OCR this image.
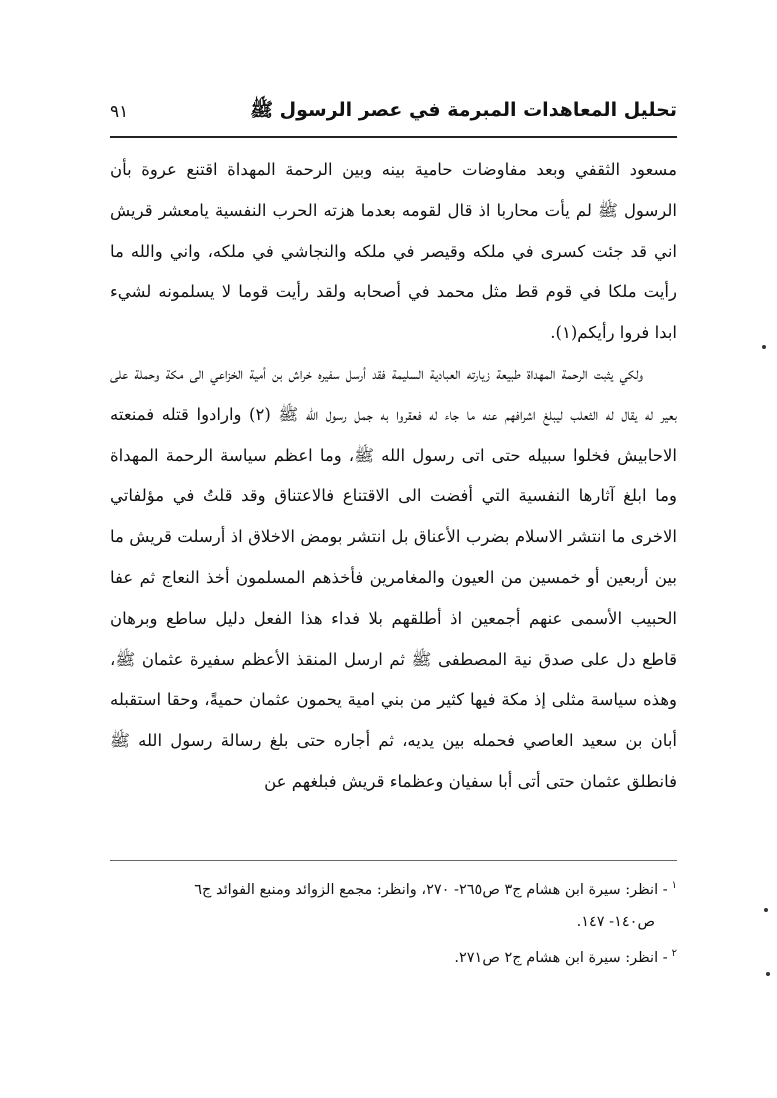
تحليل المعاهدات المبرمة في عصر الرسول ﷺ
٩١

مسعود الثقفي وبعد مفاوضات حامية بينه وبين الرحمة المهداة اقتنع عروة بأن الرسول ﷺ لم يأت محاربا اذ قال لقومه بعدما هزته الحرب النفسية يامعشر قريش اني قد جئت كسرى في ملكه وقيصر في ملكه والنجاشي في ملكه، واني والله ما رأيت ملكا في قوم قط مثل محمد في أصحابه ولقد رأيت قوما لا يسلمونه لشيء ابدا فروا رأيكم(١).

ولكي يثبت الرحمة المهداة طبيعة زيارته العبادية السليمة فقد أرسل سفيره خراش بن أمية الخزاعي الى مكة وحملة على بعير له يقال له الثعلب ليبلغ اشرافهم عنه ما جاء له فعقروا به جمل رسول الله ﷺ (٢) وارادوا قتله فمنعته الاحابيش فخلوا سبيله حتى اتى رسول الله ﷺ، وما اعظم سياسة الرحمة المهداة وما ابلغ آثارها النفسية التي أفضت الى الاقتناع فالاعتناق وقد قلتُ في مؤلفاتي الاخرى ما انتشر الاسلام بضرب الأعناق بل انتشر بومض الاخلاق اذ أرسلت قريش ما بين أربعين أو خمسين من العيون والمغامرين فأخذهم المسلمون أخذ النعاج ثم عفا الحبيب الأسمى عنهم أجمعين اذ أطلقهم بلا فداء هذا الفعل دليل ساطع وبرهان قاطع دل على صدق نية المصطفى ﷺ ثم ارسل المنقذ الأعظم سفيرة عثمان ﷺ، وهذه سياسة مثلى إذ مكة فيها كثير من بني امية يحمون عثمان حميةً، وحقا استقبله أبان بن سعيد العاصي فحمله بين يديه، ثم أجاره حتى بلغ رسالة رسول الله ﷺ فانطلق عثمان حتى أتى أبا سفيان وعظماء قريش فبلغهم عن

$^١$- انظر: سيرة ابن هشام ج٣ ص٢٦٥- ٢٧٠، وانظر: مجمع الزوائد ومنبع الفوائد ج٦

ص١٤٠- ١٤٧.

$^٢$- انظر: سيرة ابن هشام ج٢ ص٢٧١.
